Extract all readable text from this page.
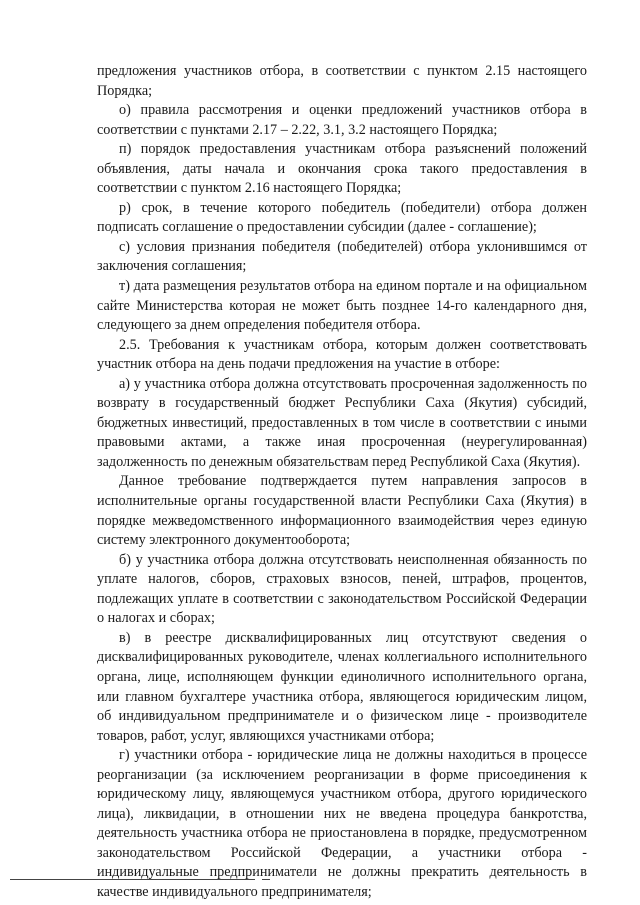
предложения участников отбора, в соответствии с пунктом 2.15 настоящего Порядка;

о) правила рассмотрения и оценки предложений участников отбора в соответствии с пунктами 2.17 – 2.22, 3.1, 3.2 настоящего Порядка;

п) порядок предоставления участникам отбора разъяснений положений объявления, даты начала и окончания срока такого предоставления в соответствии с пунктом 2.16 настоящего Порядка;

р) срок, в течение которого победитель (победители) отбора должен подписать соглашение о предоставлении субсидии (далее - соглашение);

с) условия признания победителя (победителей) отбора уклонившимся от заключения соглашения;

т) дата размещения результатов отбора на едином портале и на официальном сайте Министерства которая не может быть позднее 14-го календарного дня, следующего за днем определения победителя отбора.

2.5. Требования к участникам отбора, которым должен соответствовать участник отбора на день подачи предложения на участие в отборе:

а) у участника отбора должна отсутствовать просроченная задолженность по возврату в государственный бюджет Республики Саха (Якутия) субсидий, бюджетных инвестиций, предоставленных в том числе в соответствии с иными правовыми актами, а также иная просроченная (неурегулированная) задолженность по денежным обязательствам перед Республикой Саха (Якутия).

Данное требование подтверждается путем направления запросов в исполнительные органы государственной власти Республики Саха (Якутия) в порядке межведомственного информационного взаимодействия через единую систему электронного документооборота;

б) у участника отбора должна отсутствовать неисполненная обязанность по уплате налогов, сборов, страховых взносов, пеней, штрафов, процентов, подлежащих уплате в соответствии с законодательством Российской Федерации о налогах и сборах;

в) в реестре дисквалифицированных лиц отсутствуют сведения о дисквалифицированных руководителе, членах коллегиального исполнительного органа, лице, исполняющем функции единоличного исполнительного органа, или главном бухгалтере участника отбора, являющегося юридическим лицом, об индивидуальном предпринимателе и о физическом лице - производителе товаров, работ, услуг, являющихся участниками отбора;

г) участники отбора - юридические лица не должны находиться в процессе реорганизации (за исключением реорганизации в форме присоединения к юридическому лицу, являющемуся участником отбора, другого юридического лица), ликвидации, в отношении них не введена процедура банкротства, деятельность участника отбора не приостановлена в порядке, предусмотренном законодательством Российской Федерации, а участники отбора - индивидуальные предприниматели не должны прекратить деятельность в качестве индивидуального предпринимателя;
